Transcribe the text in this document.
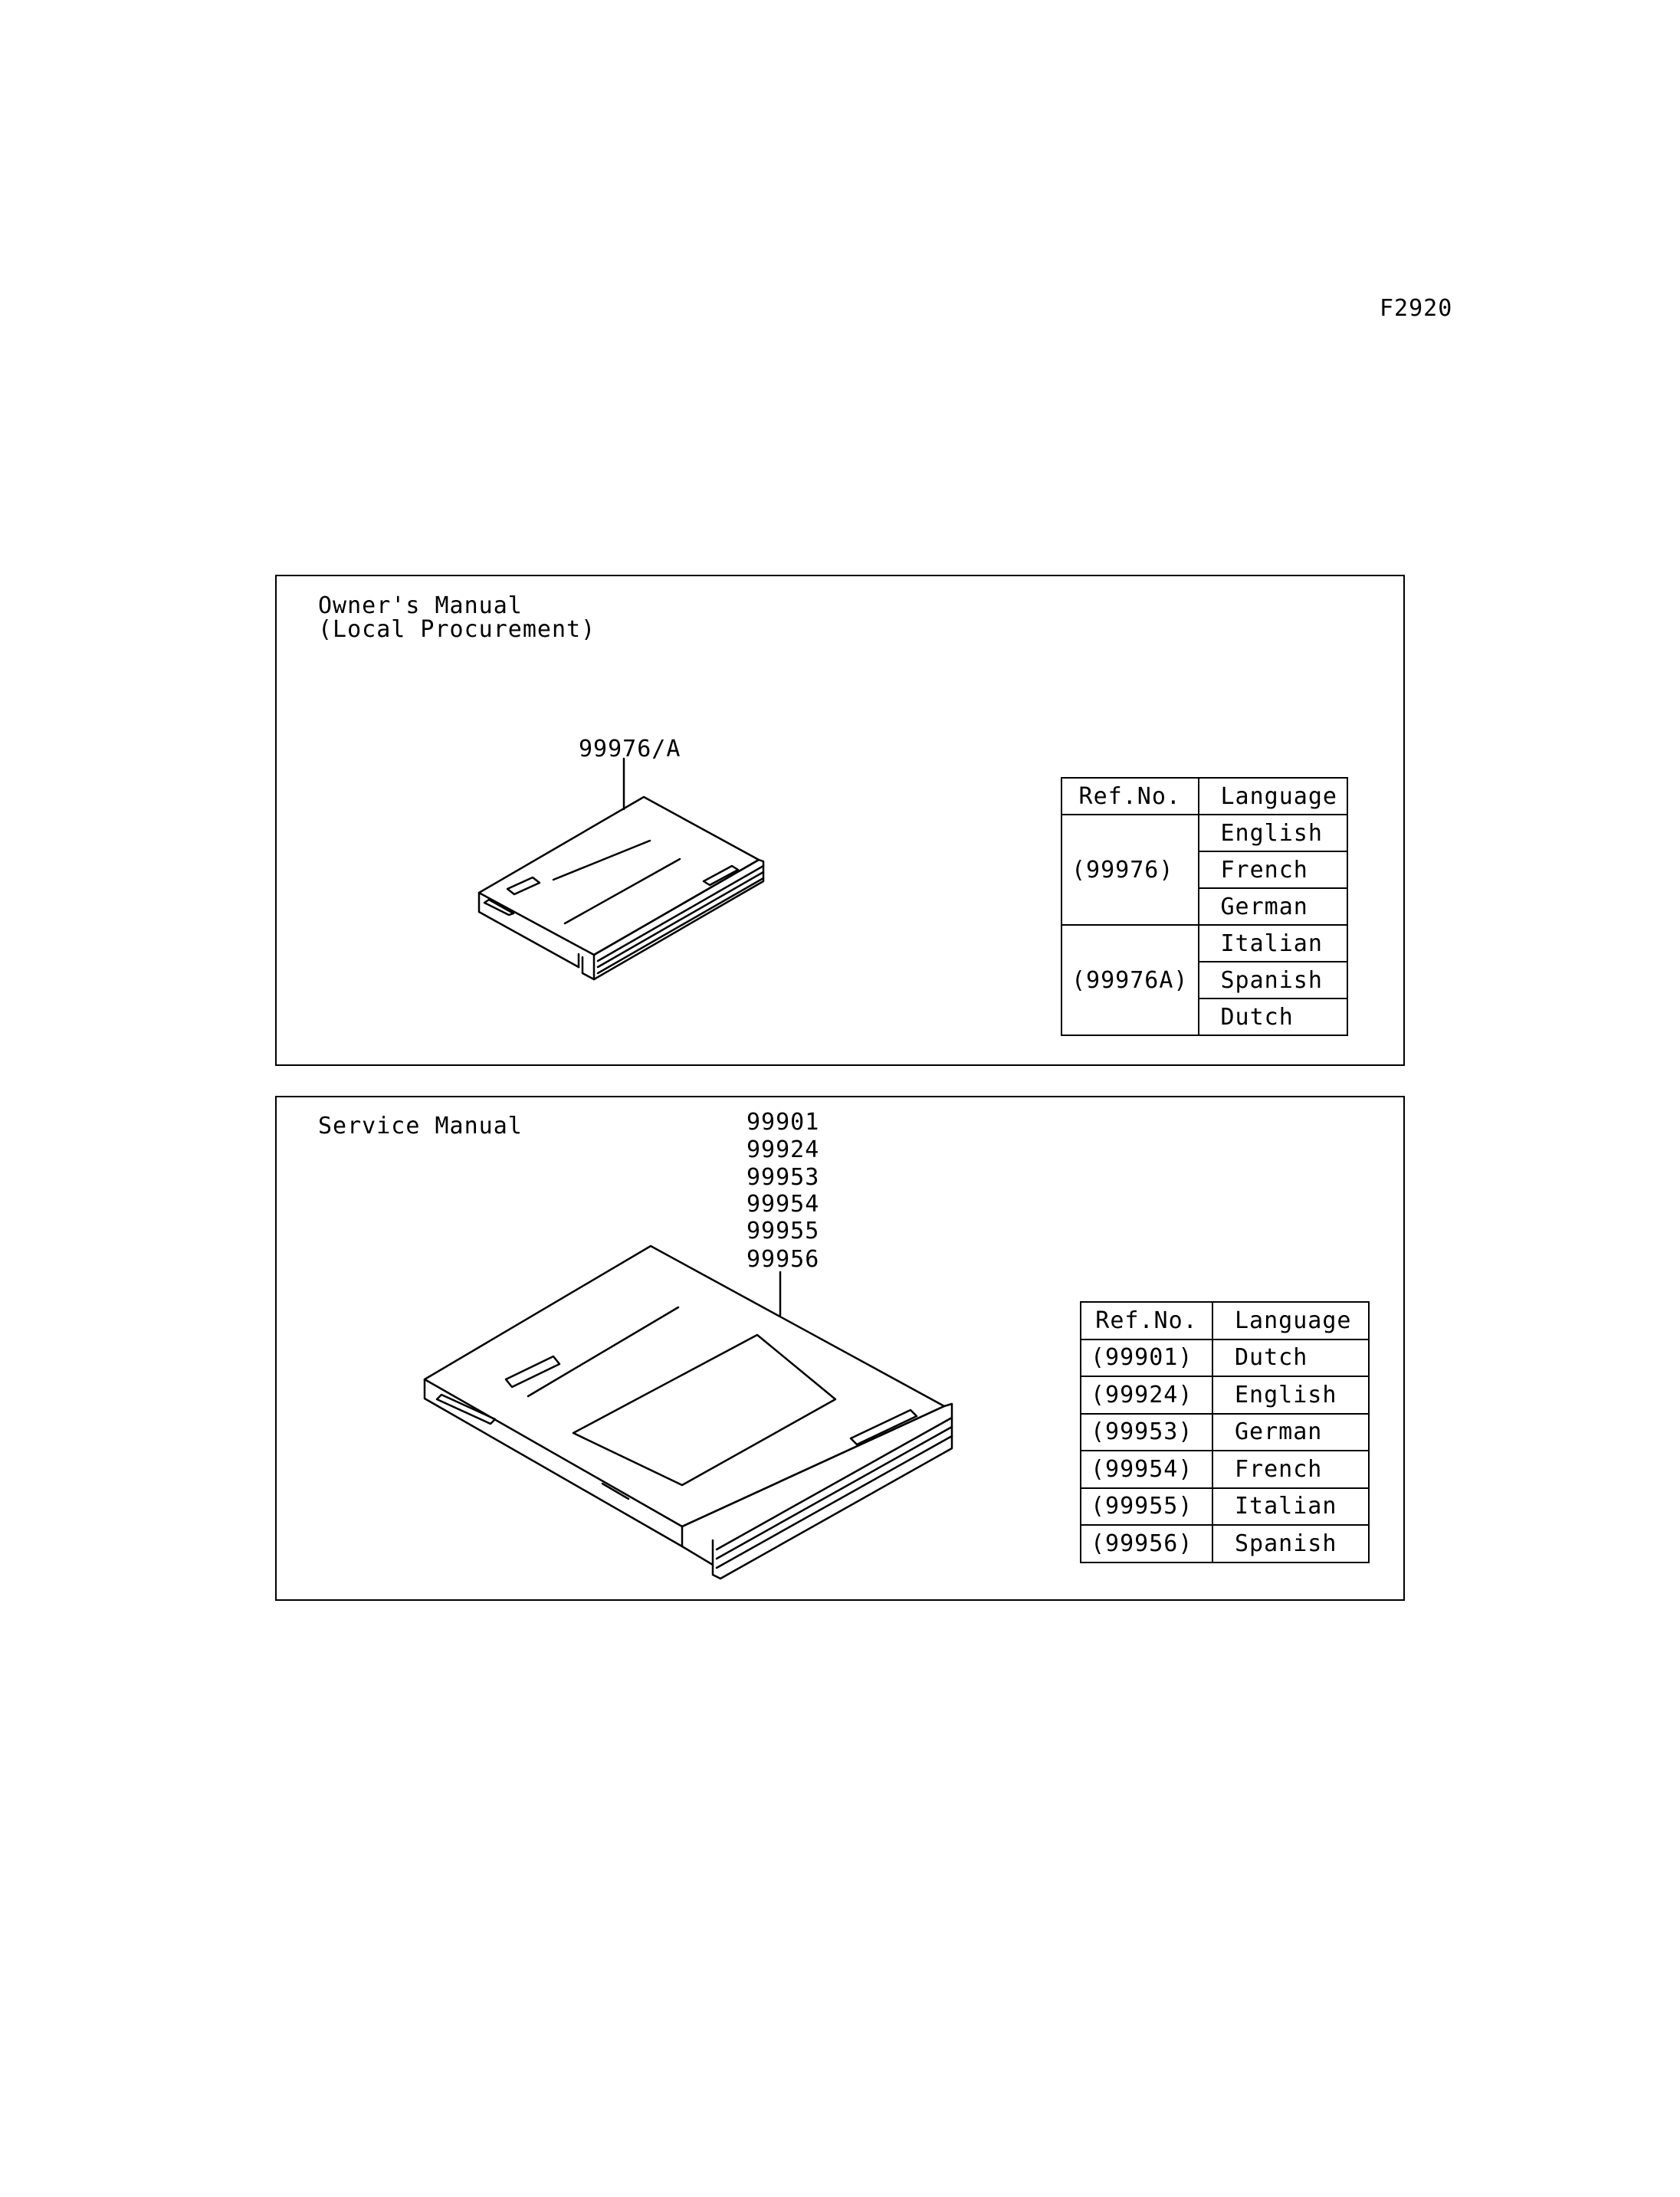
F2920
Owner's Manual
(Local Procurement)
99976/A
Ref.No.	Language
(99976)	English
	French
	German
(99976A)	Italian
	Spanish
	Dutch
Service Manual	99901
99924
99953
99954
99955
99956
Ref.No.	Language
(99901)	Dutch
(99924)	English
(99953)	German
(99954)	French
(99955)	Italian
(99956)	Spanish
